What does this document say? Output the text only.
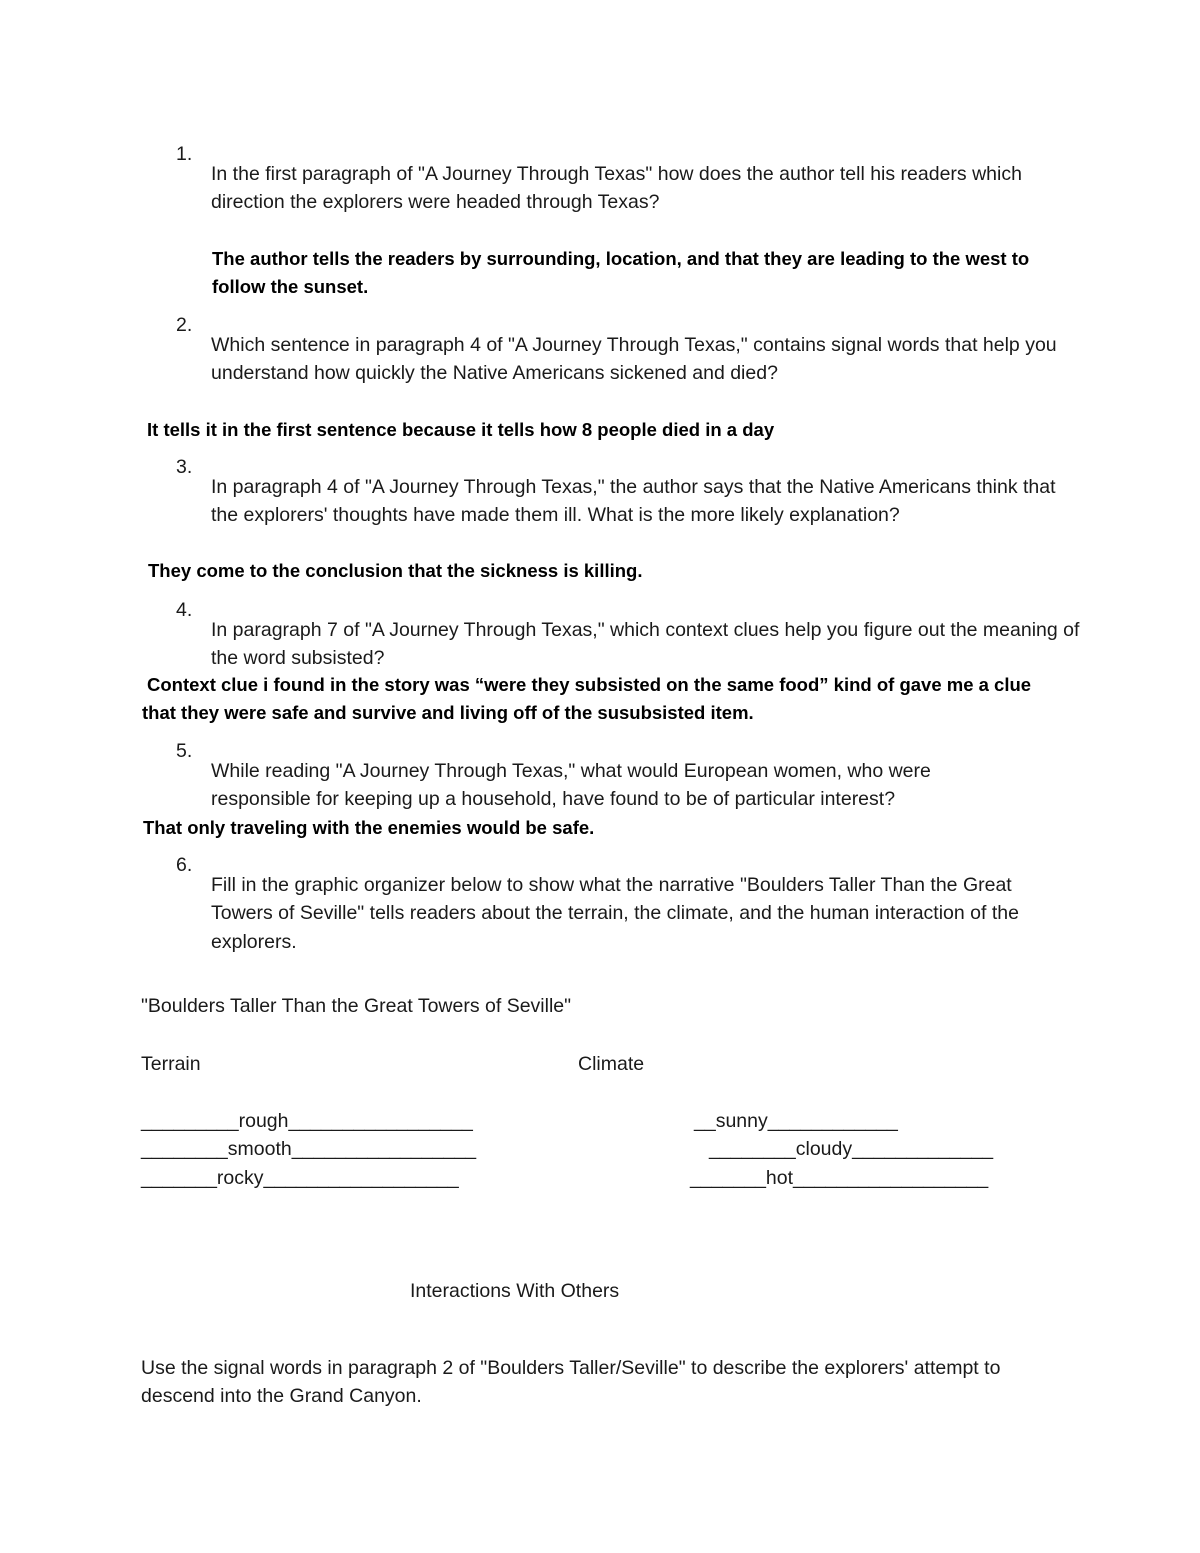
1.

In the first paragraph of "A Journey Through Texas" how does the author tell his readers which direction the explorers were headed through Texas?

The author tells the readers by surrounding, location, and that they are leading to the west to follow the sunset.

2.

Which sentence in paragraph 4 of "A Journey Through Texas," contains signal words that help you understand how quickly the Native Americans sickened and died?

It tells it in the first sentence because it tells how 8 people died in a day

3.

In paragraph 4 of "A Journey Through Texas," the author says that the Native Americans think that the explorers' thoughts have made them ill. What is the more likely explanation?

They come to the conclusion that the sickness is killing.

4.

In paragraph 7 of "A Journey Through Texas," which context clues help you figure out the meaning of the word subsisted?

Context clue i found in the story was “were they subsisted on the same food” kind of gave me a clue that they were safe and survive and living off of the susubsisted item.

5.

While reading "A Journey Through Texas," what would European women, who were responsible for keeping up a household, have found to be of particular interest?

That only traveling with the enemies would be safe.

6.

Fill in the graphic organizer below to show what the narrative "Boulders Taller Than the Great Towers of Seville" tells readers about the terrain, the climate, and the human interaction of the explorers.

"Boulders Taller Than the Great Towers of Seville"

Terrain	Climate

_________rough_________________

________smooth_________________

_______rocky__________________

__sunny____________

________cloudy_____________

_______hot__________________

Interactions With Others

Use the signal words in paragraph 2 of "Boulders Taller/Seville" to describe the explorers' attempt to descend into the Grand Canyon.
